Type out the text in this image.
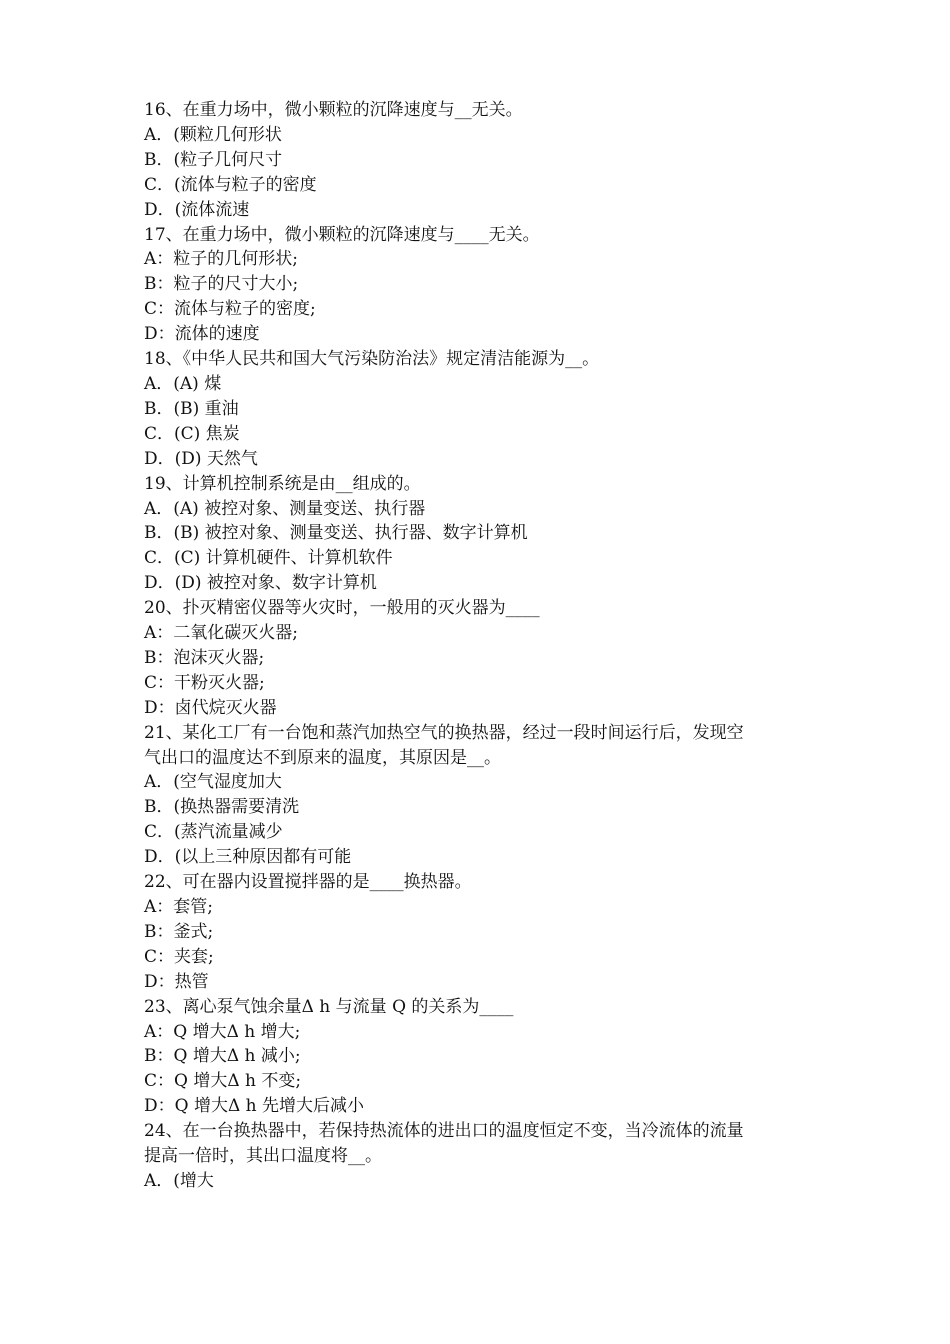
16、在重力场中，微小颗粒的沉降速度与__无关。
A．(颗粒几何形状
B．(粒子几何尺寸
C．(流体与粒子的密度
D．(流体流速
17、在重力场中，微小颗粒的沉降速度与____无关。
A：粒子的几何形状;
B：粒子的尺寸大小;
C：流体与粒子的密度;
D：流体的速度
18、《中华人民共和国大气污染防治法》规定清洁能源为__。
A．(A) 煤
B．(B) 重油
C．(C) 焦炭
D．(D) 天然气
19、计算机控制系统是由__组成的。
A．(A) 被控对象、测量变送、执行器
B．(B) 被控对象、测量变送、执行器、数字计算机
C．(C) 计算机硬件、计算机软件
D．(D) 被控对象、数字计算机
20、扑灭精密仪器等火灾时，一般用的灭火器为____
A：二氧化碳灭火器;
B：泡沫灭火器;
C：干粉灭火器;
D：卤代烷灭火器
21、某化工厂有一台饱和蒸汽加热空气的换热器，经过一段时间运行后，发现空
气出口的温度达不到原来的温度，其原因是__。
A．(空气湿度加大
B．(换热器需要清洗
C．(蒸汽流量减少
D．(以上三种原因都有可能
22、可在器内设置搅拌器的是____换热器。
A：套管;
B：釜式;
C：夹套;
D：热管
23、离心泵气蚀余量Δ h 与流量 Q 的关系为____
A：Q 增大Δ h 增大;
B：Q 增大Δ h 减小;
C：Q 增大Δ h 不变;
D：Q 增大Δ h 先增大后减小
24、在一台换热器中，若保持热流体的进出口的温度恒定不变，当冷流体的流量
提高一倍时，其出口温度将__。
A．(增大
